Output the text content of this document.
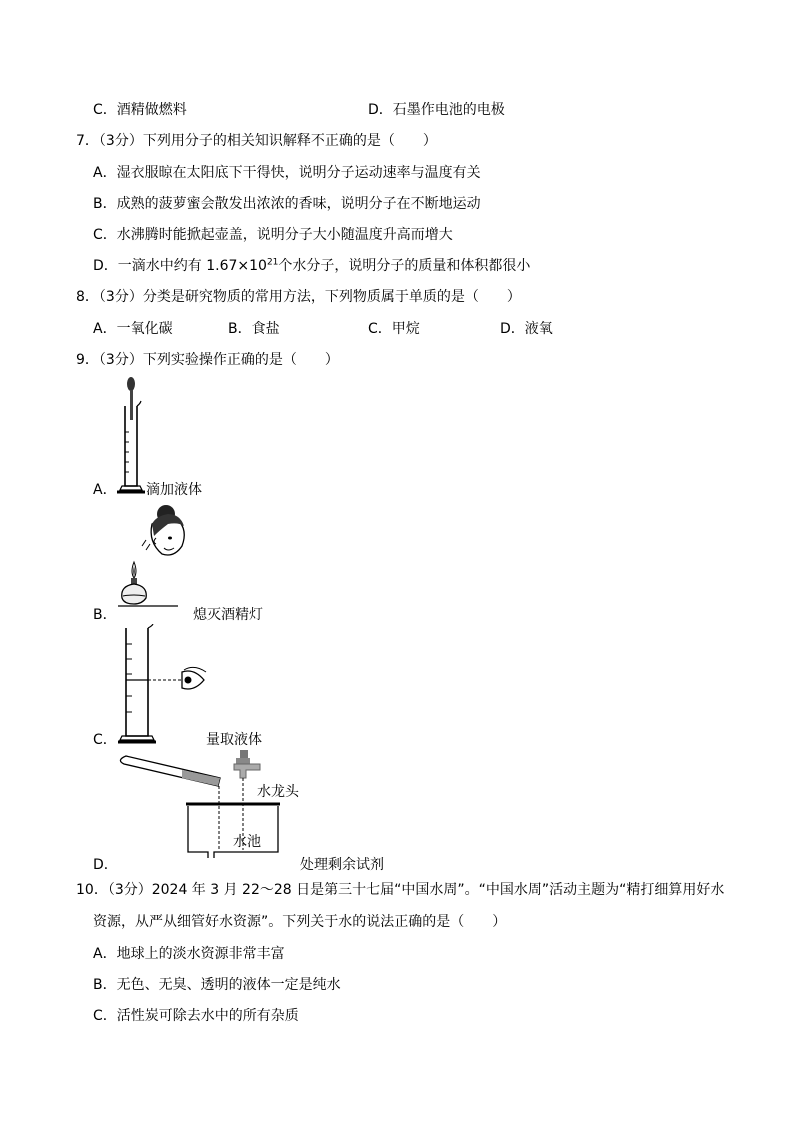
C．酒精做燃料	D．石墨作电池的电极
7．（3分）下列用分子的相关知识解释不正确的是（　　）
A．湿衣服晾在太阳底下干得快，说明分子运动速率与温度有关
B．成熟的菠萝蜜会散发出浓浓的香味，说明分子在不断地运动
C．水沸腾时能掀起壶盖，说明分子大小随温度升高而增大
D．一滴水中约有 $1.67\times 10^{21}$个水分子，说明分子的质量和体积都很小
8．（3分）分类是研究物质的常用方法，下列物质属于单质的是（　　）
A．一氧化碳	B．食盐	C．甲烷	D．液氧
9．（3分）下列实验操作正确的是（　　）
A． 滴加液体
B．	熄灭酒精灯
C．	量取液体
水龙头
水池
D．	处理剩余试剂
10．（3分）2024 年 3 月 22～28 日是第三十七届“中国水周”。“中国水周”活动主题为“精打细算用好水
资源，从严从细管好水资源”。下列关于水的说法正确的是（　　）
A．地球上的淡水资源非常丰富
B．无色、无臭、透明的液体一定是纯水
C．活性炭可除去水中的所有杂质
